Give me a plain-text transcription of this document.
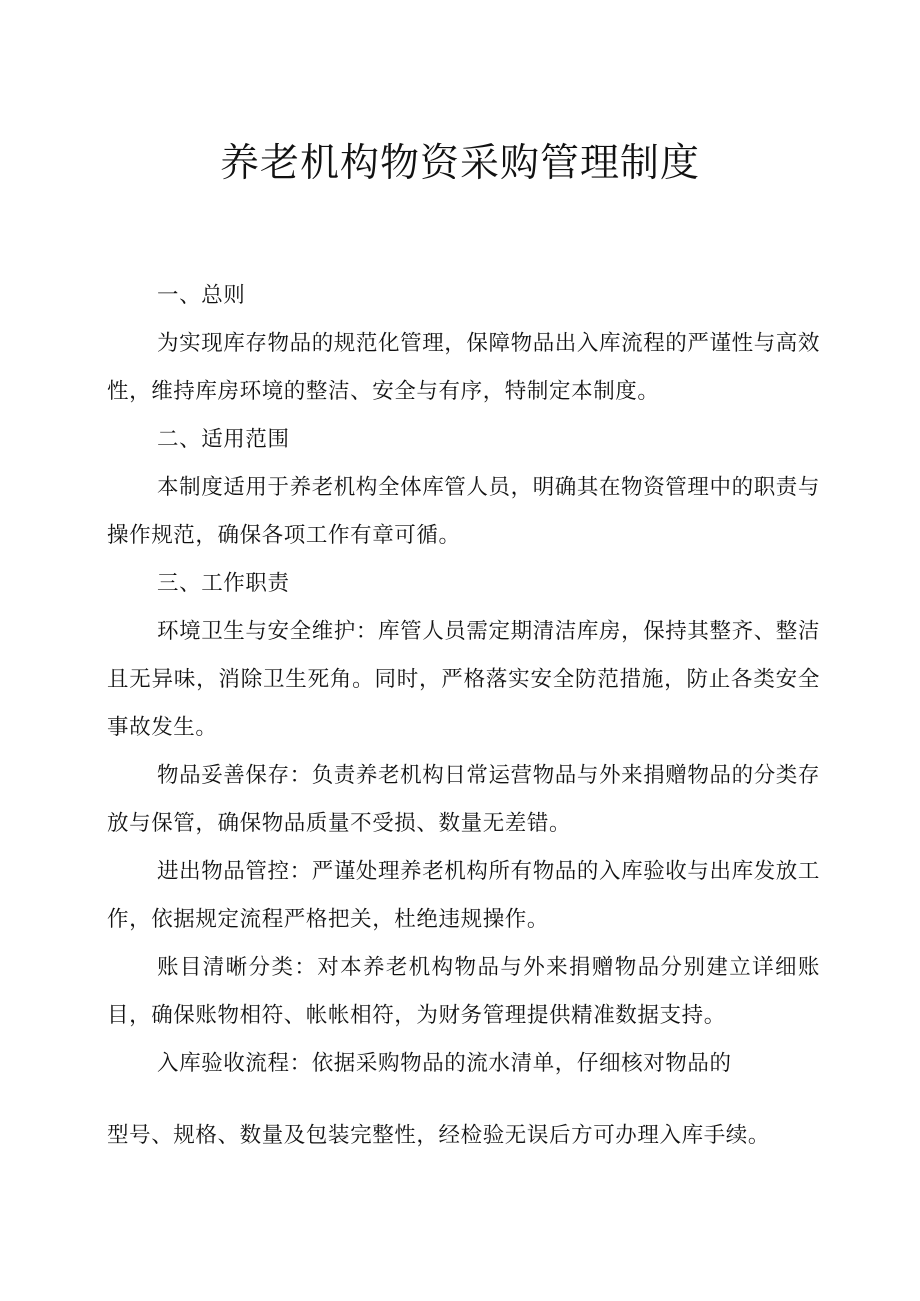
养老机构物资采购管理制度

一、总则

为实现库存物品的规范化管理，保障物品出入库流程的严谨性与高效性，维持库房环境的整洁、安全与有序，特制定本制度。

二、适用范围

本制度适用于养老机构全体库管人员，明确其在物资管理中的职责与操作规范，确保各项工作有章可循。

三、工作职责

环境卫生与安全维护：库管人员需定期清洁库房，保持其整齐、整洁且无异味，消除卫生死角。同时，严格落实安全防范措施，防止各类安全事故发生。

物品妥善保存：负责养老机构日常运营物品与外来捐赠物品的分类存放与保管，确保物品质量不受损、数量无差错。

进出物品管控：严谨处理养老机构所有物品的入库验收与出库发放工作，依据规定流程严格把关，杜绝违规操作。

账目清晰分类：对本养老机构物品与外来捐赠物品分别建立详细账目，确保账物相符、帐帐相符，为财务管理提供精准数据支持。

入库验收流程：依据采购物品的流水清单，仔细核对物品的

型号、规格、数量及包装完整性，经检验无误后方可办理入库手续。
